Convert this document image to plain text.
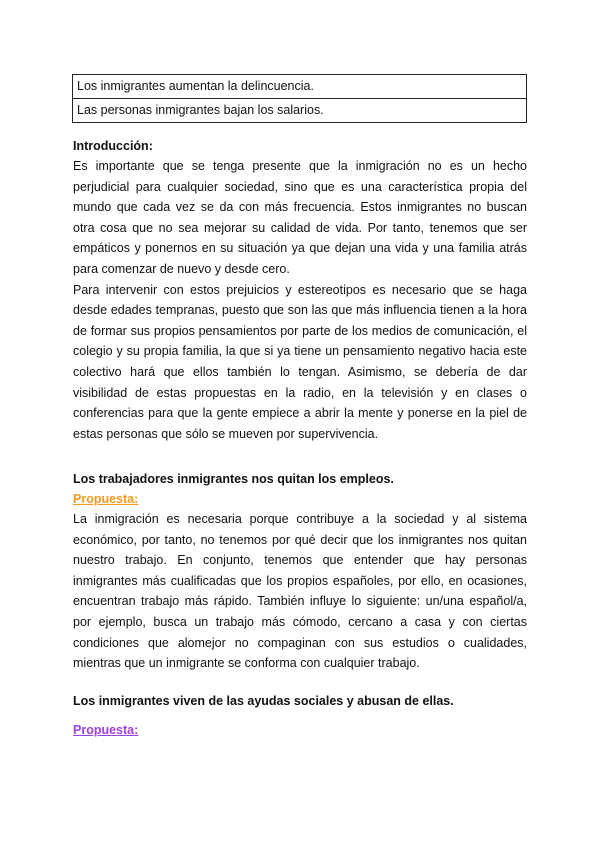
Los inmigrantes aumentan la delincuencia.
Las personas inmigrantes bajan los salarios.
Introducción:

Es importante que se tenga presente que la inmigración no es un hecho perjudicial para cualquier sociedad, sino que es una característica propia del mundo que cada vez se da con más frecuencia. Estos inmigrantes no buscan otra cosa que no sea mejorar su calidad de vida. Por tanto, tenemos que ser empáticos y ponernos en su situación ya que dejan una vida y una familia atrás para comenzar de nuevo y desde cero.

Para intervenir con estos prejuicios y estereotipos es necesario que se haga desde edades tempranas, puesto que son las que más influencia tienen a la hora de formar sus propios pensamientos por parte de los medios de comunicación, el colegio y su propia familia, la que si ya tiene un pensamiento negativo hacia este colectivo hará que ellos también lo tengan. Asimismo, se debería de dar visibilidad de estas propuestas en la radio, en la televisión y en clases o conferencias para que la gente empiece a abrir la mente y ponerse en la piel de estas personas que sólo se mueven por supervivencia.

Los trabajadores inmigrantes nos quitan los empleos.
Propuesta:

La inmigración es necesaria porque contribuye a la sociedad y al sistema económico, por tanto, no tenemos por qué decir que los inmigrantes nos quitan nuestro trabajo. En conjunto, tenemos que entender que hay personas inmigrantes más cualificadas que los propios españoles, por ello, en ocasiones, encuentran trabajo más rápido. También influye lo siguiente: un/una español/a, por ejemplo, busca un trabajo más cómodo, cercano a casa y con ciertas condiciones que alomejor no compaginan con sus estudios o cualidades, mientras que un inmigrante se conforma con cualquier trabajo.

Los inmigrantes viven de las ayudas sociales y abusan de ellas.
Propuesta:
